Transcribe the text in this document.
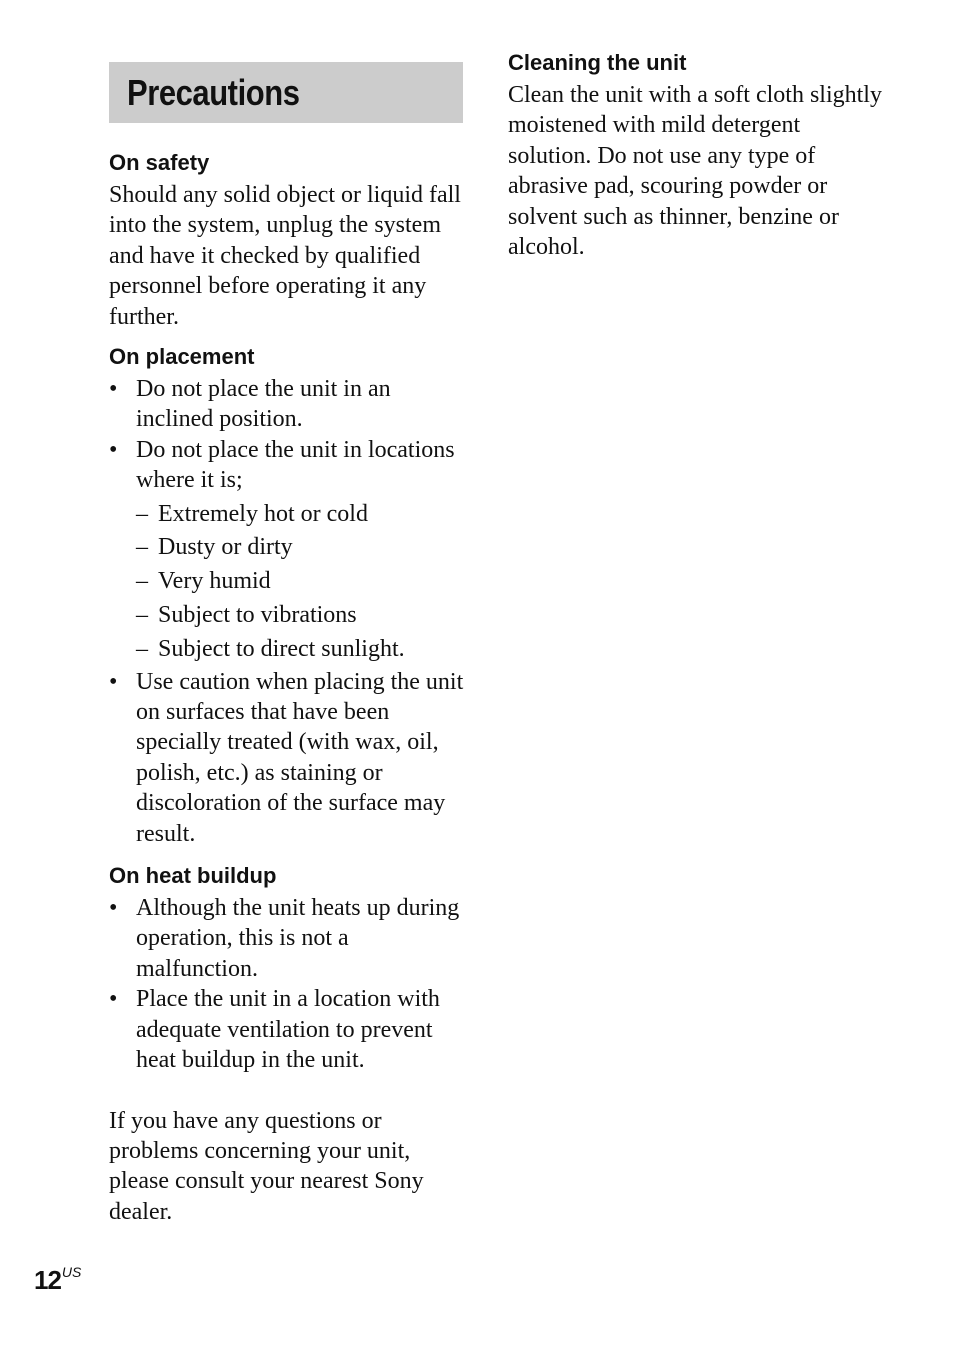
Precautions
On safety

Should any solid object or liquid fall into the system, unplug the system and have it checked by qualified personnel before operating it any further.

On placement
• Do not place the unit in an inclined position.
• Do not place the unit in locations where it is;
– Extremely hot or cold
– Dusty or dirty
– Very humid
– Subject to vibrations
– Subject to direct sunlight.
• Use caution when placing the unit on surfaces that have been specially treated (with wax, oil, polish, etc.) as staining or discoloration of the surface may result.
On heat buildup
• Although the unit heats up during operation, this is not a malfunction.
• Place the unit in a location with adequate ventilation to prevent heat buildup in the unit.

If you have any questions or problems concerning your unit, please consult your nearest Sony dealer.

Cleaning the unit

Clean the unit with a soft cloth slightly moistened with mild detergent solution. Do not use any type of abrasive pad, scouring powder or solvent such as thinner, benzine or alcohol.

12US
